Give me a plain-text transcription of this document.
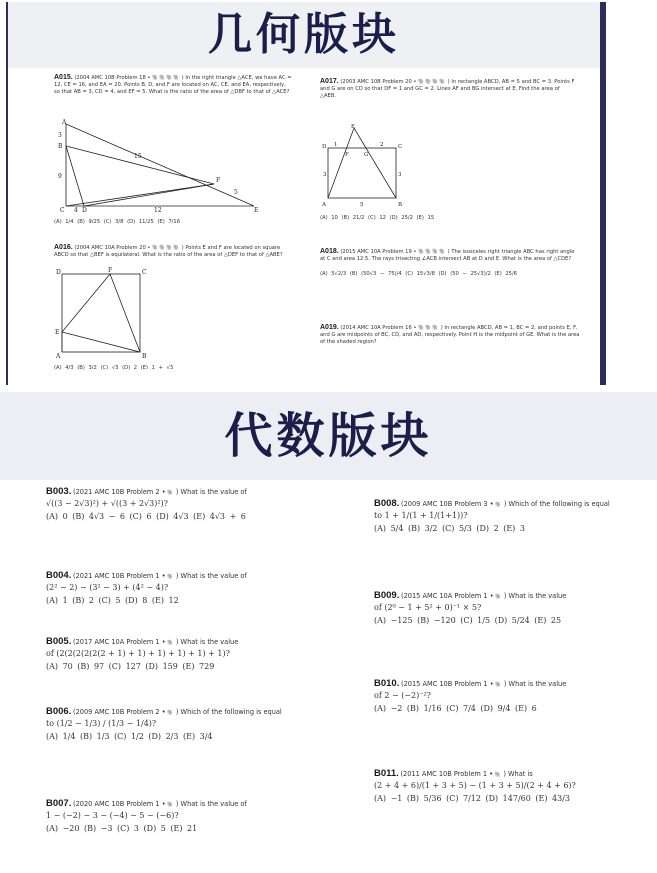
几何版块
A015. (2004 AMC 10B Problem 18 • 🐘🐘🐘🐘 ) In the right triangle △ACE, we have AC = 12, CE = 16, and EA = 20. Points B, D, and F are located on AC, CE, and EA, respectively, so that AB = 3, CD = 4, and EF = 5. What is the ratio of the area of △DBF to that of △ACE?
A
B
C	D	E
F
3
9
4	12
15
5
(A) 1/4 (B) 9/25 (C) 3/8 (D) 11/25 (E) 7/16
A016. (2004 AMC 10A Problem 20 • 🐘🐘🐘🐘 ) Points E and F are located on square ABCD so that △BEF is equilateral. What is the ratio of the area of △DEF to that of △ABE?
D	F	C
E
A	B
(A) 4/3 (B) 3/2 (C) √3 (D) 2 (E) 1 + √3
A017. (2003 AMC 10B Problem 20 • 🐘🐘🐘🐘 ) In rectangle ABCD, AB = 5 and BC = 3. Points F and G are on CD so that DF = 1 and GC = 2. Lines AF and BG intersect at E. Find the area of △AEB.
E
D 1
F	G
2	C
3	3
A	5	B
(A) 10 (B) 21/2 (C) 12 (D) 25/2 (E) 15
A018. (2015 AMC 10A Problem 19 • 🐘🐘🐘🐘 ) The isosceles right triangle ABC has right angle at C and area 12.5. The rays trisecting ∠ACB intersect AB at D and E. What is the area of △CDE?
(A) 5√2/3 (B) (50√3 − 75)/4 (C) 15√3/8 (D) (50 − 25√3)/2 (E) 25/6
A019. (2014 AMC 10A Problem 16 • 🐘🐘🐘 ) In rectangle ABCD, AB = 1, BC = 2, and points E, F, and G are midpoints of BC, CD, and AD, respectively. Point H is the midpoint of GE. What is the area of the shaded region?
代数版块
B003. (2021 AMC 10B Problem 2 • 🐘 ) What is the value of
√((3 − 2√3)²) + √((3 + 2√3)²)?
(A) 0 (B) 4√3 − 6 (C) 6 (D) 4√3 (E) 4√3 + 6
B004. (2021 AMC 10B Problem 1 • 🐘 ) What is the value of
(2² − 2) − (3² − 3) + (4² − 4)?
(A) 1 (B) 2 (C) 5 (D) 8 (E) 12
B005. (2017 AMC 10A Problem 1 • 🐘 ) What is the value
of (2(2(2(2(2(2 + 1) + 1) + 1) + 1) + 1) + 1)?
(A) 70 (B) 97 (C) 127 (D) 159 (E) 729
B006. (2009 AMC 10B Problem 2 • 🐘 ) Which of the following is equal
to (1/2 − 1/3) / (1/3 − 1/4)?
(A) 1/4 (B) 1/3 (C) 1/2 (D) 2/3 (E) 3/4
B007. (2020 AMC 10B Problem 1 • 🐘 ) What is the value of
1 − (−2) − 3 − (−4) − 5 − (−6)?
(A) −20 (B) −3 (C) 3 (D) 5 (E) 21
B008. (2009 AMC 10B Problem 3 • 🐘 ) Which of the following is equal
to 1 + 1/(1 + 1/(1+1))?
(A) 5/4 (B) 3/2 (C) 5/3 (D) 2 (E) 3
B009. (2015 AMC 10A Problem 1 • 🐘 ) What is the value
of (2⁰ − 1 + 5² + 0)⁻¹ × 5?
(A) −125 (B) −120 (C) 1/5 (D) 5/24 (E) 25
B010. (2015 AMC 10B Problem 1 • 🐘 ) What is the value
of 2 − (−2)⁻²?
(A) −2 (B) 1/16 (C) 7/4 (D) 9/4 (E) 6
B011. (2011 AMC 10B Problem 1 • 🐘 ) What is
(2 + 4 + 6)/(1 + 3 + 5) − (1 + 3 + 5)/(2 + 4 + 6)?
(A) −1 (B) 5/36 (C) 7/12 (D) 147/60 (E) 43/3
